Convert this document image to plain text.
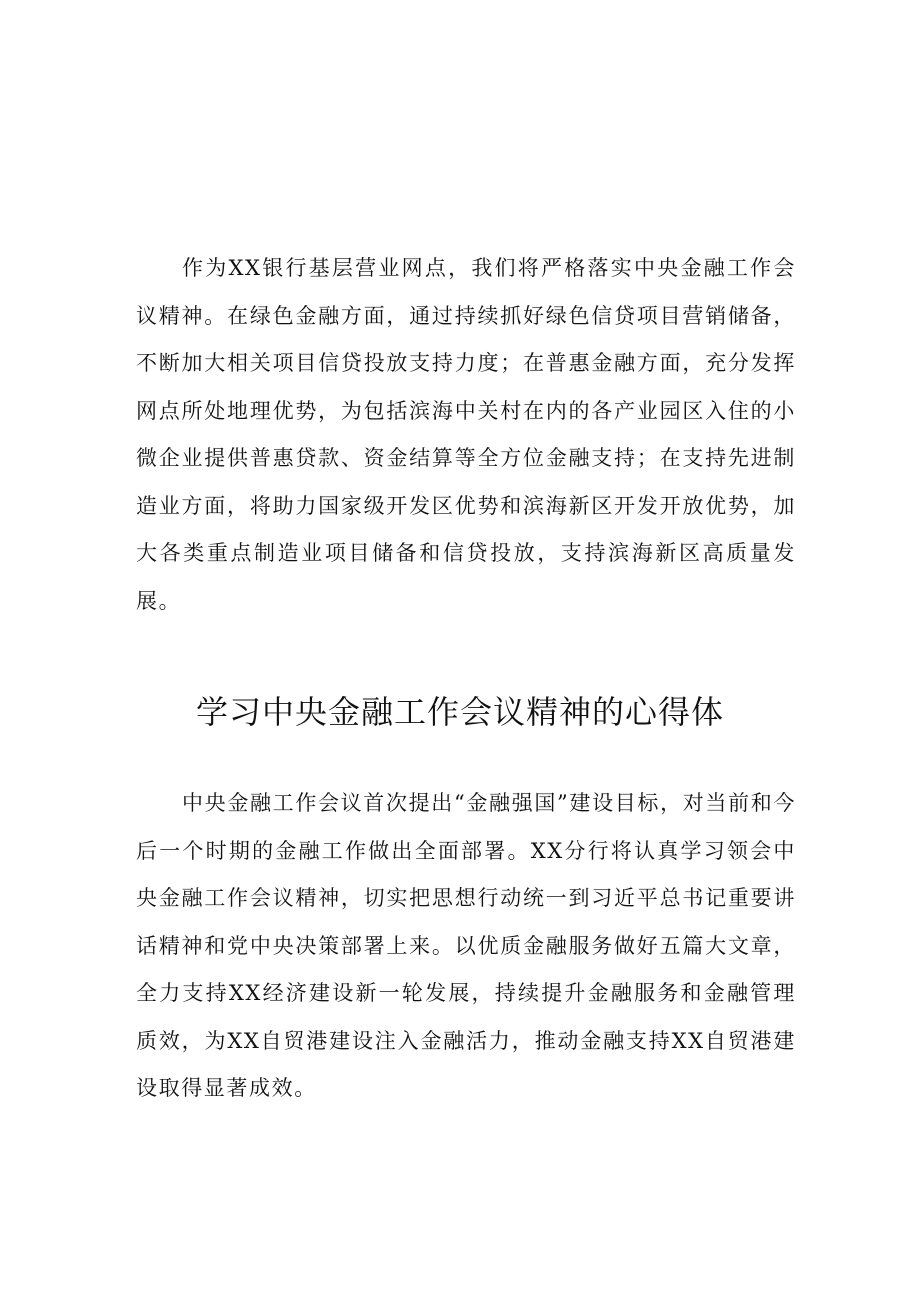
作为XX银行基层营业网点，我们将严格落实中央金融工作会议精神。在绿色金融方面，通过持续抓好绿色信贷项目营销储备，不断加大相关项目信贷投放支持力度；在普惠金融方面，充分发挥网点所处地理优势，为包括滨海中关村在内的各产业园区入住的小微企业提供普惠贷款、资金结算等全方位金融支持；在支持先进制造业方面，将助力国家级开发区优势和滨海新区开发开放优势，加大各类重点制造业项目储备和信贷投放，支持滨海新区高质量发展。

学习中央金融工作会议精神的心得体

中央金融工作会议首次提出“金融强国”建设目标，对当前和今后一个时期的金融工作做出全面部署。XX分行将认真学习领会中央金融工作会议精神，切实把思想行动统一到习近平总书记重要讲话精神和党中央决策部署上来。以优质金融服务做好五篇大文章，全力支持XX经济建设新一轮发展，持续提升金融服务和金融管理质效，为XX自贸港建设注入金融活力，推动金融支持XX自贸港建设取得显著成效。
